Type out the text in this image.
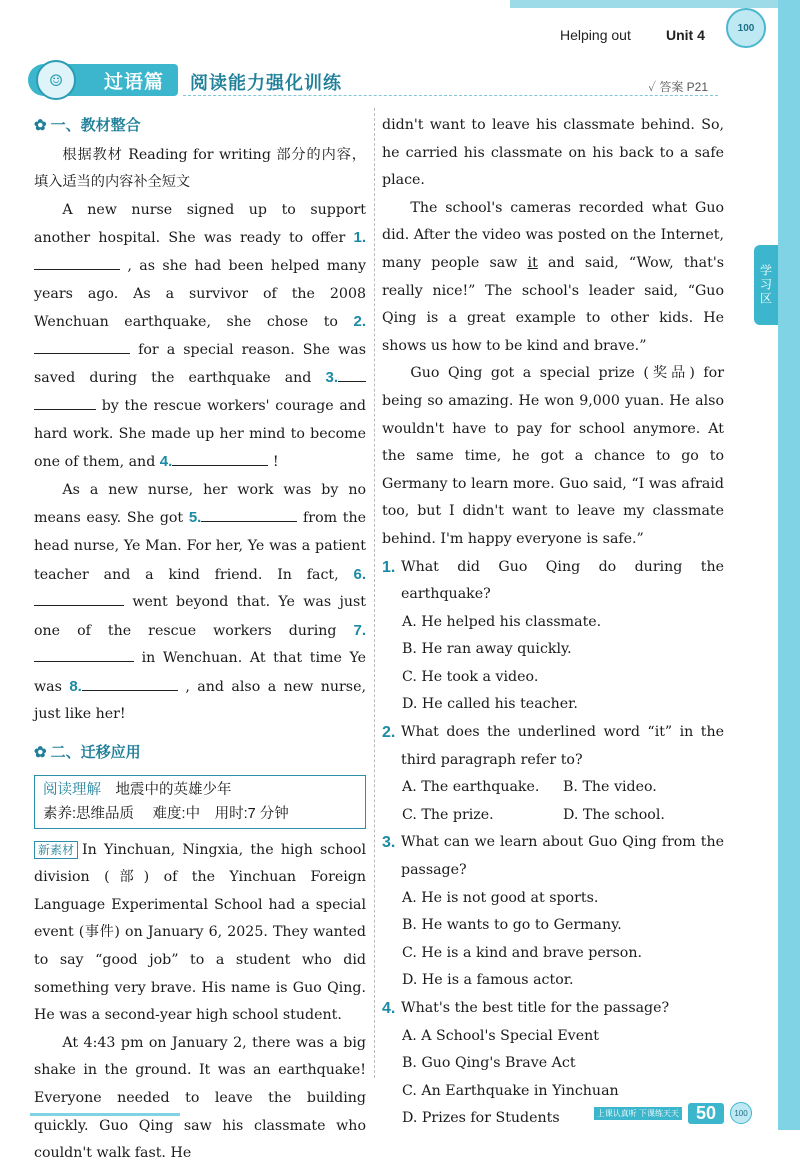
Helping out	Unit 4	100
过语篇
☺	阅读能力强化训练	✓ 答案 P21
学习区
✿ 一、教材整合
根据教材 Reading for writing 部分的内容，填入适当的内容补全短文
A new nurse signed up to support another hospital. She was ready to offer 1. , as she had been helped many years ago. As a survivor of the 2008 Wenchuan earthquake, she chose to 2. for a special reason. She was saved during the earthquake and 3. by the rescue workers' courage and hard work. She made up her mind to become one of them, and 4.	!
As a new nurse, her work was by no means easy. She got 5.	from the head nurse, Ye Man. For her, Ye was a patient teacher and a kind friend. In fact, 6. went beyond that. Ye was just one of the rescue workers during 7. in Wenchuan. At that time Ye was 8.	, and also a new nurse, just like her!
✿ 二、迁移应用
阅读理解　 地震中的英雄少年
素养:思维品质　 难度:中　用时:7 分钟
新素材 In Yinchuan, Ningxia, the high school division (部) of the Yinchuan Foreign Language Experimental School had a special event (事件) on January 6, 2025. They wanted to say “good job” to a student who did something very brave. His name is Guo Qing. He was a second-year high school student.
At 4:43 pm on January 2, there was a big shake in the ground. It was an earthquake! Everyone needed to leave the building quickly. Guo Qing saw his classmate who couldn't walk fast. He
didn't want to leave his classmate behind. So, he carried his classmate on his back to a safe place.
The school's cameras recorded what Guo did. After the video was posted on the Internet, many people saw it and said, “Wow, that's really nice!” The school's leader said, “Guo Qing is a great example to other kids. He shows us how to be kind and brave.”
Guo Qing got a special prize (奖品) for being so amazing. He won 9,000 yuan. He also wouldn't have to pay for school anymore. At the same time, he got a chance to go to Germany to learn more. Guo said, “I was afraid too, but I didn't want to leave my classmate behind. I'm happy everyone is safe.”
1. What did Guo Qing do during the earthquake?
A. He helped his classmate.
B. He ran away quickly.
C. He took a video.
D. He called his teacher.
2. What does the underlined word “it” in the third paragraph refer to?
A. The earthquake.	B. The video.
C. The prize.	D. The school.
3. What can we learn about Guo Qing from the passage?
A. He is not good at sports.
B. He wants to go to Germany.
C. He is a kind and brave person.
D. He is a famous actor.
4. What's the best title for the passage?
A. A School's Special Event
B. Guo Qing's Brave Act
C. An Earthquake in Yinchuan
D. Prizes for Students	上课认真听 下课练天天 50	100
